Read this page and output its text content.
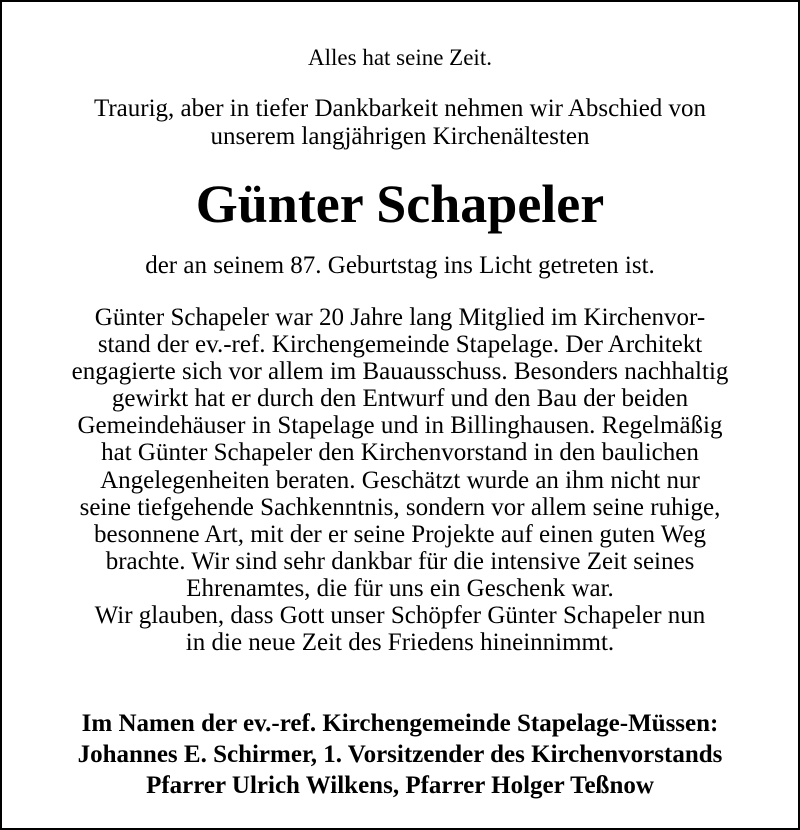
Alles hat seine Zeit.
Traurig, aber in tiefer Dankbarkeit nehmen wir Abschied von
unserem langjährigen Kirchenältesten
Günter Schapeler
der an seinem 87. Geburtstag ins Licht getreten ist.
Günter Schapeler war 20 Jahre lang Mitglied im Kirchenvor-
stand der ev.-ref. Kirchengemeinde Stapelage. Der Architekt
engagierte sich vor allem im Bauausschuss. Besonders nachhaltig
gewirkt hat er durch den Entwurf und den Bau der beiden
Gemeindehäuser in Stapelage und in Billinghausen. Regelmäßig
hat Günter Schapeler den Kirchenvorstand in den baulichen
Angelegenheiten beraten. Geschätzt wurde an ihm nicht nur
seine tiefgehende Sachkenntnis, sondern vor allem seine ruhige,
besonnene Art, mit der er seine Projekte auf einen guten Weg
brachte. Wir sind sehr dankbar für die intensive Zeit seines
Ehrenamtes, die für uns ein Geschenk war.
Wir glauben, dass Gott unser Schöpfer Günter Schapeler nun
in die neue Zeit des Friedens hineinnimmt.
Im Namen der ev.-ref. Kirchengemeinde Stapelage-Müssen:
Johannes E. Schirmer, 1. Vorsitzender des Kirchenvorstands
Pfarrer Ulrich Wilkens, Pfarrer Holger Teßnow
